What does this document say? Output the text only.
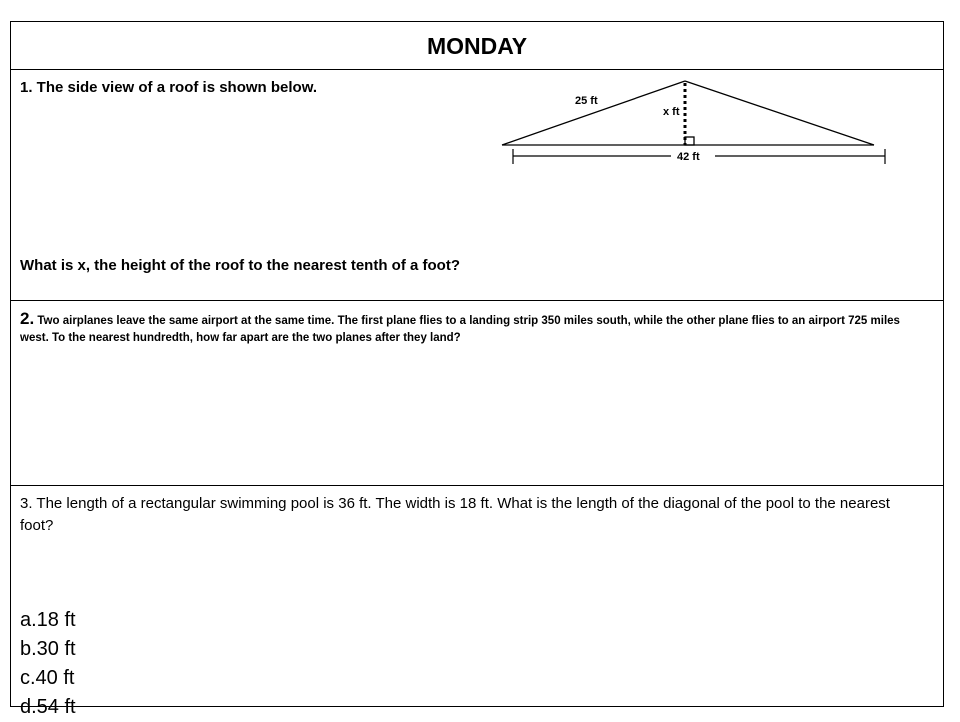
MONDAY
1. The side view of a roof is shown below.
25 ft
x ft
42 ft
What is x, the height of the roof to the nearest tenth of a foot?
2. Two airplanes leave the same airport at the same time. The first plane flies to a landing strip 350 miles south, while the other plane flies to an airport 725 miles west. To the nearest hundredth, how far apart are the two planes after they land?
3. The length of a rectangular swimming pool is 36 ft. The width is 18 ft. What is the length of the diagonal of the pool to the nearest foot?
a.18 ft
b.30 ft
c.40 ft
d.54 ft
